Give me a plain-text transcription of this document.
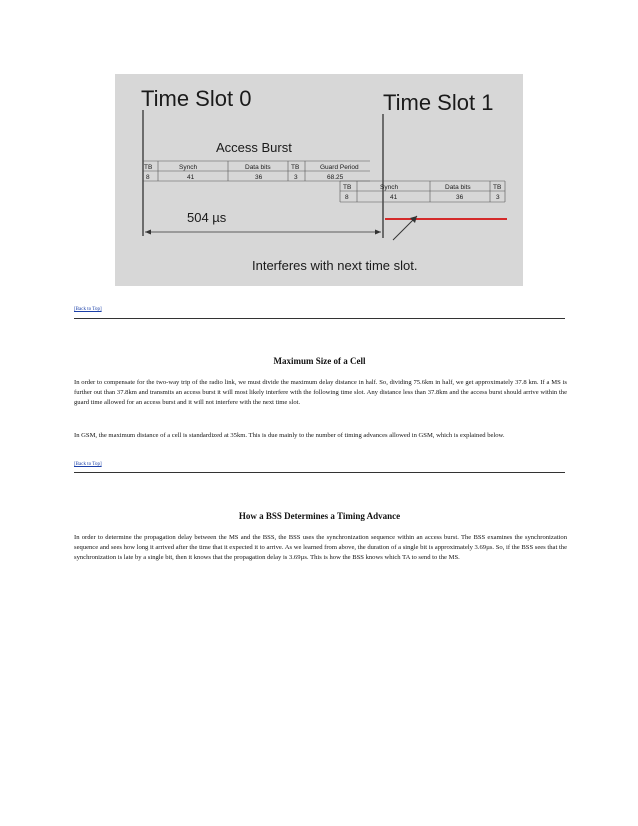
Time Slot 0	Time Slot 1
Access Burst
TB	Synch	Data bits	TB	Guard Period
8	41	36	3	68.25
TB	Synch	Data bits	TB
8	41	36	3
504 µs
Interferes with next time slot.
[Back to Top]
Maximum Size of a Cell

In order to compensate for the two-way trip of the radio link, we must divide the maximum delay distance in half. So, dividing 75.6km in half, we get approximately 37.8 km. If a MS is further out than 37.8km and transmits an access burst it will most likely interfere with the following time slot. Any distance less than 37.8km and the access burst should arrive within the guard time allowed for an access burst and it will not interfere with the next time slot.

In GSM, the maximum distance of a cell is standardized at 35km. This is due mainly to the number of timing advances allowed in GSM, which is explained below.

[Back to Top]
How a BSS Determines a Timing Advance

In order to determine the propagation delay between the MS and the BSS, the BSS uses the synchronization sequence within an access burst. The BSS examines the synchronization sequence and sees how long it arrived after the time that it expected it to arrive. As we learned from above, the duration of a single bit is approximately 3.69µs. So, if the BSS sees that the synchronization is late by a single bit, then it knows that the propagation delay is 3.69µs. This is how the BSS knows which TA to send to the MS.
